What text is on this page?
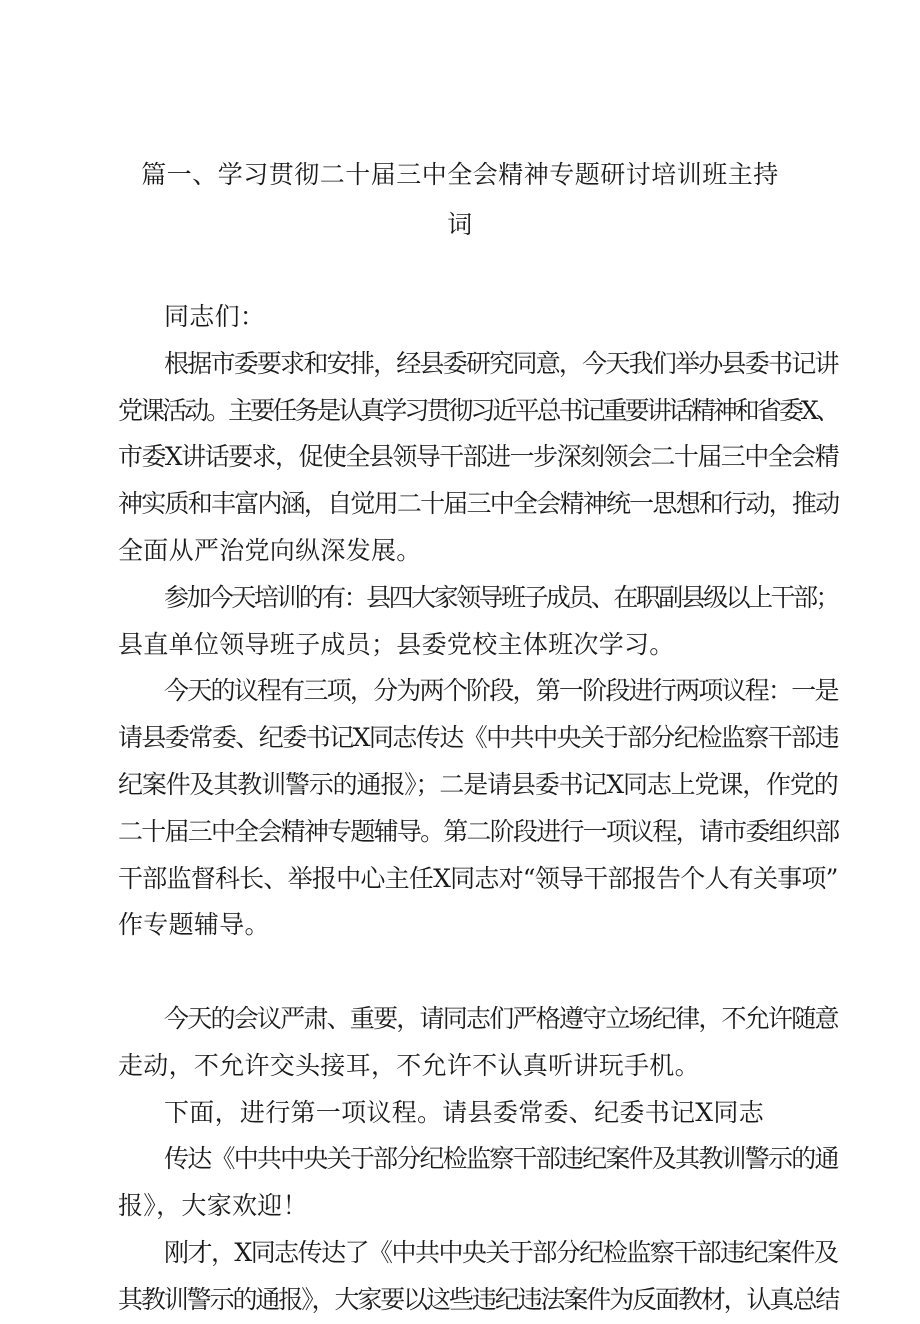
篇一、学习贯彻二十届三中全会精神专题研讨培训班主持
词
同志们：
根据市委要求和安排，经县委研究同意，今天我们举办县委书记讲
党课活动。主要任务是认真学习贯彻习近平总书记重要讲话精神和省委X、
市委X讲话要求，促使全县领导干部进一步深刻领会二十届三中全会精
神实质和丰富内涵，自觉用二十届三中全会精神统一思想和行动，推动
全面从严治党向纵深发展。
参加今天培训的有：县四大家领导班子成员、在职副县级以上干部；
县直单位领导班子成员；县委党校主体班次学习。
今天的议程有三项，分为两个阶段，第一阶段进行两项议程：一是
请县委常委、纪委书记X同志传达《中共中央关于部分纪检监察干部违
纪案件及其教训警示的通报》；二是请县委书记X同志上党课，作党的
二十届三中全会精神专题辅导。第二阶段进行一项议程，请市委组织部
干部监督科长、举报中心主任X同志对“领导干部报告个人有关事项”
作专题辅导。
今天的会议严肃、重要，请同志们严格遵守立场纪律，不允许随意
走动，不允许交头接耳，不允许不认真听讲玩手机。
下面，进行第一项议程。请县委常委、纪委书记X同志
传达《中共中央关于部分纪检监察干部违纪案件及其教训警示的通
报》，大家欢迎！
刚才，X同志传达了《中共中央关于部分纪检监察干部违纪案件及
其教训警示的通报》，大家要以这些违纪违法案件为反面教材，认真总结
